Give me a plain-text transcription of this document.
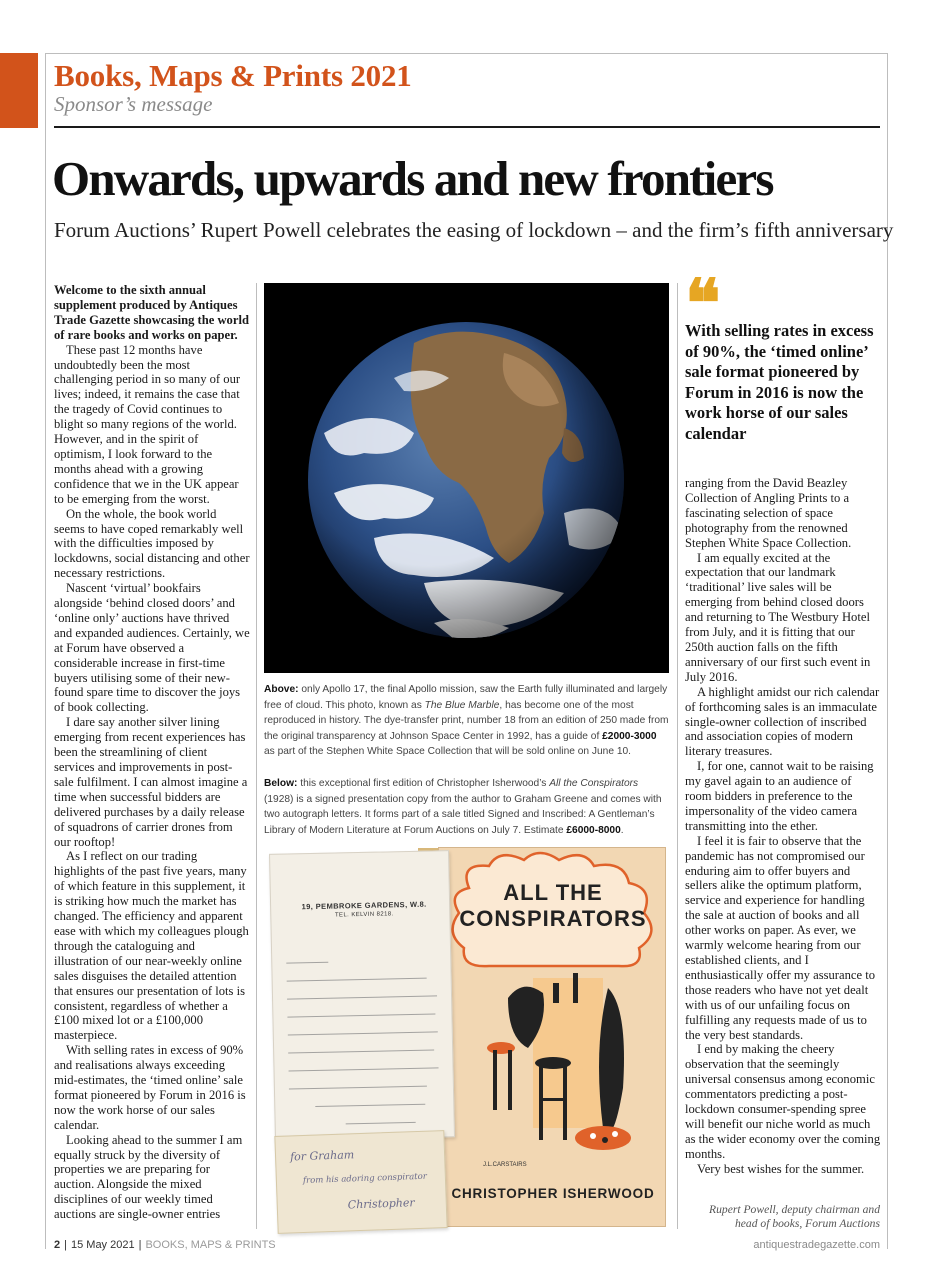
Books, Maps & Prints 2021
Sponsor’s message
Onwards, upwards and new frontiers
Forum Auctions’ Rupert Powell celebrates the easing of lockdown – and the firm’s fifth anniversary

Welcome to the sixth annual supplement produced by Antiques Trade Gazette showcasing the world of rare books and works on paper.

These past 12 months have undoubtedly been the most challenging period in so many of our lives; indeed, it remains the case that the tragedy of Covid continues to blight so many regions of the world. However, and in the spirit of optimism, I look forward to the months ahead with a growing confidence that we in the UK appear to be emerging from the worst.

On the whole, the book world seems to have coped remarkably well with the difficulties imposed by lockdowns, social distancing and other necessary restrictions.

Nascent ‘virtual’ bookfairs alongside ‘behind closed doors’ and ‘online only’ auctions have thrived and expanded audiences. Certainly, we at Forum have observed a considerable increase in first-time buyers utilising some of their new-found spare time to discover the joys of book collecting.

I dare say another silver lining emerging from recent experiences has been the streamlining of client services and improvements in post-sale fulfilment. I can almost imagine a time when successful bidders are delivered purchases by a daily release of squadrons of carrier drones from our rooftop!

As I reflect on our trading highlights of the past five years, many of which feature in this supplement, it is striking how much the market has changed. The efficiency and apparent ease with which my colleagues plough through the cataloguing and illustration of our near-weekly online sales disguises the detailed attention that ensures our presentation of lots is consistent, regardless of whether a £100 mixed lot or a £100,000 masterpiece.

With selling rates in excess of 90% and realisations always exceeding mid-estimates, the ‘timed online’ sale format pioneered by Forum in 2016 is now the work horse of our sales calendar.

Looking ahead to the summer I am equally struck by the diversity of properties we are preparing for auction. Alongside the mixed disciplines of our weekly timed auctions are single-owner entries

Above: only Apollo 17, the final Apollo mission, saw the Earth fully illuminated and largely free of cloud. This photo, known as The Blue Marble, has become one of the most reproduced in history. The dye-transfer print, number 18 from an edition of 250 made from the original transparency at Johnson Space Center in 1992, has a guide of £2000-3000 as part of the Stephen White Space Collection that will be sold online on June 10.
Below: this exceptional first edition of Christopher Isherwood’s All the Conspirators (1928) is a signed presentation copy from the author to Graham Greene and comes with two autograph letters. It forms part of a sale titled Signed and Inscribed: A Gentleman’s Library of Modern Literature at Forum Auctions on July 7. Estimate £6000-8000.
ALL THE
CONSPIRATORS
J.L.CARSTAIRS
CHRISTOPHER ISHERWOOD
19, PEMBROKE GARDENS, W.8.
TEL. KELVIN 8218.
for Graham
from his adoring conspirator
Christopher
❝
With selling rates in excess of 90%, the ‘timed online’ sale format pioneered by Forum in 2016 is now the work horse of our sales calendar

ranging from the David Beazley Collection of Angling Prints to a fascinating selection of space photography from the renowned Stephen White Space Collection.

I am equally excited at the expectation that our landmark ‘traditional’ live sales will be emerging from behind closed doors and returning to The Westbury Hotel from July, and it is fitting that our 250th auction falls on the fifth anniversary of our first such event in July 2016.

A highlight amidst our rich calendar of forthcoming sales is an immaculate single-owner collection of inscribed and association copies of modern literary treasures.

I, for one, cannot wait to be raising my gavel again to an audience of room bidders in preference to the impersonality of the video camera transmitting into the ether.

I feel it is fair to observe that the pandemic has not compromised our enduring aim to offer buyers and sellers alike the optimum platform, service and experience for handling the sale at auction of books and all other works on paper. As ever, we warmly welcome hearing from our established clients, and I enthusiastically offer my assurance to those readers who have not yet dealt with us of our unfailing focus on fulfilling any requests made of us to the very best standards.

I end by making the cheery observation that the seemingly universal consensus among economic commentators predicting a post-lockdown consumer-spending spree will benefit our niche world as much as the wider economy over the coming months.

Very best wishes for the summer.

Rupert Powell, deputy chairman and
head of books, Forum Auctions
2 | 15 May 2021 | BOOKS, MAPS & PRINTS	antiquestradegazette.com
